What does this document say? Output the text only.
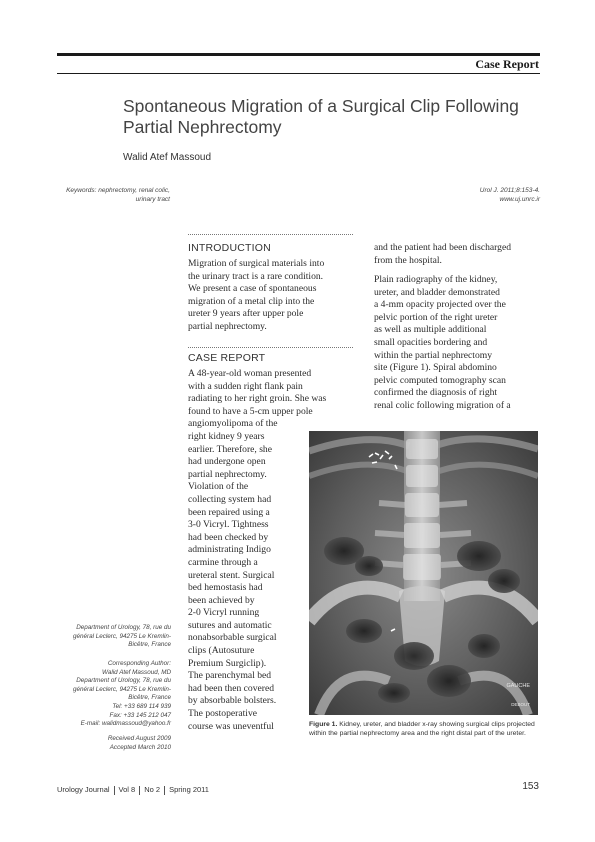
Case Report
Spontaneous Migration of a Surgical Clip Following Partial Nephrectomy
Walid Atef Massoud
Keywords: nephrectomy, renal colic,
urinary tract
Urol J. 2011;8:153-4.
www.uj.unrc.ir
INTRODUCTION
Migration of surgical materials into
the urinary tract is a rare condition.
We present a case of spontaneous
migration of a metal clip into the
ureter 9 years after upper pole
partial nephrectomy.
CASE REPORT
A 48-year-old woman presented
with a sudden right flank pain
radiating to her right groin. She was
found to have a 5-cm upper pole
angiomyolipoma of the
right kidney 9 years
earlier. Therefore, she
had undergone open
partial nephrectomy.
Violation of the
collecting system had
been repaired using a
3-0 Vicryl. Tightness
had been checked by
administrating Indigo
carmine through a
ureteral stent. Surgical
bed hemostasis had
been achieved by
2-0 Vicryl running
sutures and automatic
nonabsorbable surgical
clips (Autosuture
Premium Surgiclip).
The parenchymal bed
had been then covered
by absorbable bolsters.
The postoperative
course was uneventful
and the patient had been discharged
from the hospital.
Plain radiography of the kidney,
ureter, and bladder demonstrated
a 4-mm opacity projected over the
pelvic portion of the right ureter
as well as multiple additional
small opacities bordering and
within the partial nephrectomy
site (Figure 1). Spiral abdomino
pelvic computed tomography scan
confirmed the diagnosis of right
renal colic following migration of a
GAUCHE
DEBOUT
Figure 1. Kidney, ureter, and bladder x-ray showing surgical clips projected within the partial nephrectomy area and the right distal part of the ureter.
Department of Urology, 78, rue du
général Leclerc, 94275 Le Kremlin-
Bicêtre, France
Corresponding Author:
Walid Atef Massoud, MD
Department of Urology, 78, rue du
général Leclerc, 94275 Le Kremlin-
Bicêtre, France
Tel: +33 689 114 939
Fax: +33 145 212 047
E-mail: walidmassoud@yahoo.fr
Received August 2009
Accepted March 2010
Urology Journal Vol 8 No 2 Spring 2011	153
